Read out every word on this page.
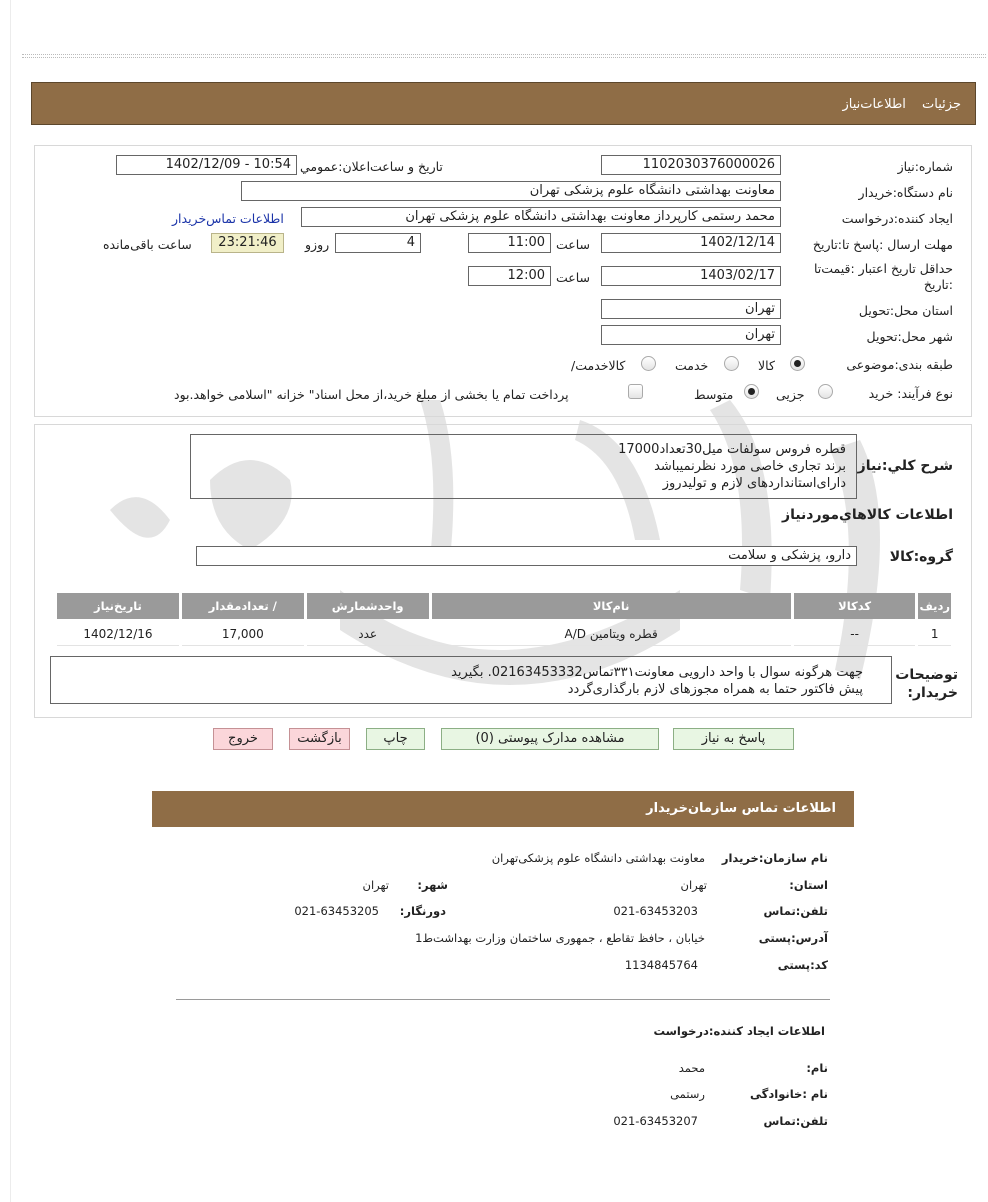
جزئیات اطلاعات‌نیاز
شماره:نیاز
1102030376000026
تاریخ و ساعت‌اعلان:عمومي
1402/12/09 - 10:54
نام دستگاه:خریدار
معاونت بهداشتی دانشگاه علوم پزشکی تهران
ایجاد کننده:درخواست
محمد رستمی کارپرداز معاونت بهداشتی دانشگاه علوم پزشکی تهران
اطلاعات تماس‌خریدار
مهلت ارسال :پاسخ تا:تاریخ
1402/12/14
ساعت
11:00
4
روزو
23:21:46
ساعت باقی‌مانده
حداقل تاریخ اعتبار :قیمت‌تا :تاریخ
1403/02/17
ساعت
12:00
استان محل:تحویل
تهران
شهر محل:تحویل
تهران
طبقه بندی:موضوعی
کالا
خدمت
/کالاخدمت
نوع فرآیند: خرید
جزیی
متوسط
پرداخت تمام یا بخشی از مبلغ خرید،از محل اسناد" خزانه "اسلامی خواهد.بود
شرح کلي:نیاز
قطره فروس سولفات میل30تعداد17000
برند تجاری خاصی مورد نظرنمیباشد
دارای‌استانداردهای لازم و تولیدروز
اطلاعات کالاهاي‌موردنیاز
گروه:کالا
دارو، پزشکی و سلامت
ردیف	کدکالا	نام‌کالا	واحدشمارش	/ تعدادمقدار	تاریخ‌نیاز
1	--	قطره ویتامین A/D	عدد	17,000	1402/12/16
توضیحات
:خریدار
جهت هرگونه سوال با واحد دارویی معاونت۳۳۱تماس02163453332. بگیرید
پیش فاکتور حتما به همراه مجوزهای لازم بارگذاری‌گردد
پاسخ به نیاز
مشاهده مدارک پیوستی (0)
چاپ
بازگشت
خروج
اطلاعات تماس سازمان‌خریدار
نام سازمان:خریدار
معاونت بهداشتی دانشگاه علوم پزشکی‌تهران
:استان
تهران
:شهر
تهران
تلفن:تماس
021-63453203
:دورنگار
021-63453205
آدرس:پستی
خیابان ، حافظ تقاطع ، جمهوری ساختمان وزارت بهداشت‌ط1
کد:پستی
1134845764
اطلاعات ایجاد کننده:درخواست
:نام
محمد
نام :خانوادگی
رستمی
تلفن:تماس
021-63453207
